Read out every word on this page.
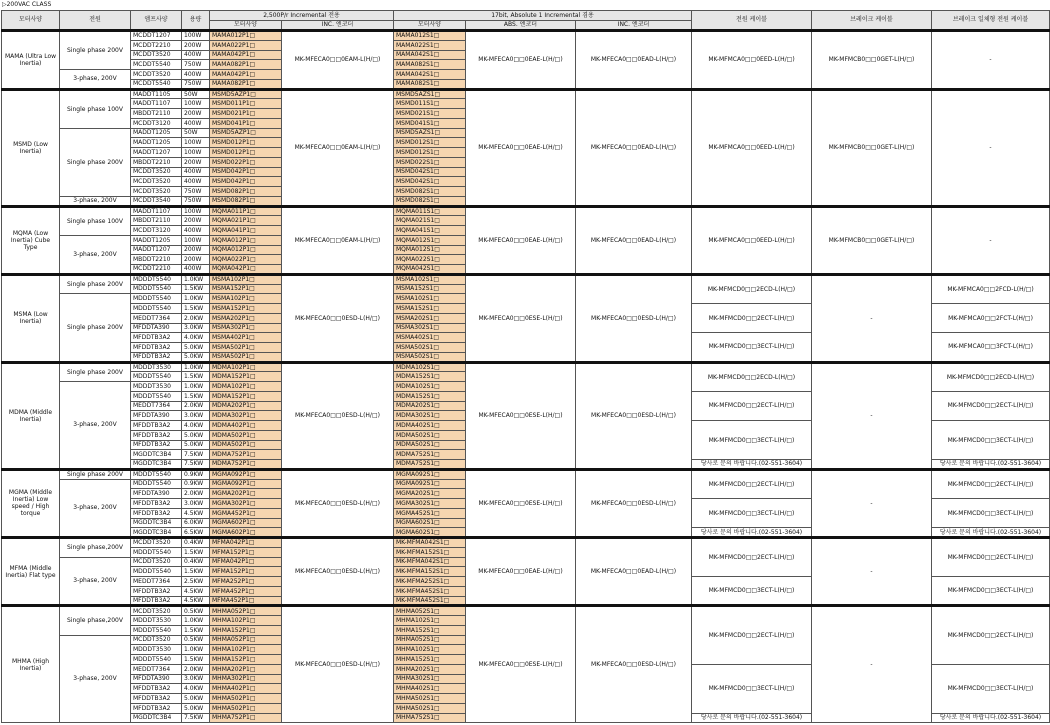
▷200VAC CLASS
모터사양	전원	앰프사양	용량	2,500P/r Incremental 전용		17bit, Absolute 1 Incremental 겸용			전원 케이블	브레이크 케이블	브레이크 일체형 전원 케이블
				모터사양	INC. 엔코더	모터사양	ABS. 엔코더	INC. 엔코더			
MAMA (Ultra Low Inertia)	Single phase 200V	MCDDT1207	100W	MAMA012P1□	MK-MFECA0□□0EAM-L(H/□)	MAMA012S1□	MK-MFECA0□□0EAE-L(H/□)	MK-MFECA0□□0EAD-L(H/□)	MK-MFMCA0□□0EED-L(H/□)	MK-MFMCB0□□0GET-L(H/□)	-
		MCDDT2210	200W	MAMA022P1□		MAMA022S1□					
		MCDDT3520	400W	MAMA042P1□		MAMA042S1□					
		MCDDT5540	750W	MAMA082P1□		MAMA082S1□					
	3-phase, 200V	MCDDT3520	400W	MAMA042P1□		MAMA042S1□					
		MCDDT5540	750W	MAMA082P1□		MAMA082S1□					
MSMD (Low Inertia)	Single phase 100V	MADDT1105	50W	MSMD5AZP1□	MK-MFECA0□□0EAM-L(H/□)	MSMD5AZS1□	MK-MFECA0□□0EAE-L(H/□)	MK-MFECA0□□0EAD-L(H/□)	MK-MFMCA0□□0EED-L(H/□)	MK-MFMCB0□□0GET-L(H/□)	-
		MADDT1107	100W	MSMD011P1□		MSMD011S1□					
		MBDDT2110	200W	MSMD021P1□		MSMD021S1□					
		MCDDT3120	400W	MSMD041P1□		MSMD041S1□					
	Single phase 200V	MADDT1205	50W	MSMD5AZP1□		MSMD5AZS1□					
		MADDT1205	100W	MSMD012P1□		MSMD012S1□					
		MADDT1207	100W	MSMD012P1□		MSMD012S1□					
		MBDDT2210	200W	MSMD022P1□		MSMD022S1□					
		MCDDT3520	400W	MSMD042P1□		MSMD042S1□					
		MCDDT3520	400W	MSMD042P1□		MSMD042S1□					
		MCDDT3520	750W	MSMD082P1□		MSMD082S1□					
	3-phase, 200V	MCDDT3540	750W	MSMD082P1□		MSMD082S1□					
MQMA (Low Inertia) Cube Type	Single phase 100V	MADDT1107	100W	MQMA011P1□	MK-MFECA0□□0EAM-L(H/□)	MQMA011S1□	MK-MFECA0□□0EAE-L(H/□)	MK-MFECA0□□0EAD-L(H/□)	MK-MFMCA0□□0EED-L(H/□)	MK-MFMCB0□□0GET-L(H/□)	-
		MBDDT2110	200W	MQMA021P1□		MQMA021S1□					
		MCDDT3120	400W	MQMA041P1□		MQMA041S1□					
	3-phase, 200V	MADDT1205	100W	MQMA012P1□		MQMA012S1□					
		MADDT1207	200W	MQMA012P1□		MQMA012S1□					
		MBDDT2210	200W	MQMA022P1□		MQMA022S1□					
		MCDDT2210	400W	MQMA042P1□		MQMA042S1□					
MSMA (Low Inertia)	Single phase 200V	MDDDT5540	1.0KW	MSMA102P1□	MK-MFECA0□□0ESD-L(H/□)	MSMA102S1□	MK-MFECA0□□0ESE-L(H/□)	MK-MFECA0□□0ESD-L(H/□)	MK-MFMCD0□□2ECD-L(H/□)	-	MK-MFMCA0□□2FCD-L(H/□)
		MDDDT5540	1.5KW	MSMA152P1□		MSMA152S1□					
	Single phase 200V	MDDDT5540	1.0KW	MSMA102P1□		MSMA102S1□					
		MDDDT5540	1.5KW	MSMA152P1□		MSMA152S1□			MK-MFMCD0□□2ECT-L(H/□)		MK-MFMCA0□□2FCT-L(H/□)
		MEDDT7364	2.0KW	MSMA202P1□		MSMA202S1□					
		MFDDTA390	3.0KW	MSMA302P1□		MSMA302S1□					
		MFDDTB3A2	4.0KW	MSMA402P1□		MSMA402S1□			MK-MFMCD0□□3ECT-L(H/□)		MK-MFMCA0□□3FCT-L(H/□)
		MFDDTB3A2	5.0KW	MSMA502P1□		MSMA502S1□					
		MFDDTB3A2	5.0KW	MSMA502P1□		MSMA502S1□					
MDMA (Middle Inertia)	Single phase 200V	MDDDT3530	1.0KW	MDMA102P1□	MK-MFECA0□□0ESD-L(H/□)	MDMA102S1□	MK-MFECA0□□0ESE-L(H/□)	MK-MFECA0□□0ESD-L(H/□)	MK-MFMCD0□□2ECD-L(H/□)	-	MK-MFMCD0□□2ECD-L(H/□)
		MDDDT5540	1.5KW	MDMA152P1□		MDMA152S1□					
	3-phase, 200V	MDDDT3530	1.0KW	MDMA102P1□		MDMA102S1□					
		MDDDT5540	1.5KW	MDMA152P1□		MDMA152S1□			MK-MFMCD0□□2ECT-L(H/□)		MK-MFMCD0□□2ECT-L(H/□)
		MEDDT7364	2.0KW	MDMA202P1□		MDMA202S1□					
		MFDDTA390	3.0KW	MDMA302P1□		MDMA302S1□					
		MFDDTB3A2	4.0KW	MDMA402P1□		MDMA402S1□			MK-MFMCD0□□3ECT-L(H/□)		MK-MFMCD0□□3ECT-L(H/□)
		MFDDTB3A2	5.0KW	MDMA502P1□		MDMA502S1□					
		MFDDTB3A2	5.0KW	MDMA502P1□		MDMA502S1□					
		MGDDTC3B4	7.5KW	MDMA752P1□		MDMA752S1□					
		MGDDTC3B4	7.5KW	MDMA752P1□		MDMA752S1□			당사로 문의 바랍니다.(02-551-3604)		당사로 문의 바랍니다.(02-551-3604)
MGMA (Middle Inertia) Low speed / High torque	Single phase 200V	MDDDT5540	0.9KW	MGMA092P1□	MK-MFECA0□□0ESD-L(H/□)	MGMA092S1□	MK-MFECA0□□0ESE-L(H/□)	MK-MFECA0□□0ESD-L(H/□)	MK-MFMCD0□□2ECT-L(H/□)	-	MK-MFMCD0□□2ECT-L(H/□)
	3-phase, 200V	MDDDT5540	0.9KW	MGMA092P1□		MGMA092S1□					
		MFDDTA390	2.0KW	MGMA202P1□		MGMA202S1□					
		MFDDTB3A2	3.0KW	MGMA302P1□		MGMA302S1□			MK-MFMCD0□□3ECT-L(H/□)		MK-MFMCD0□□3ECT-L(H/□)
		MFDDTB3A2	4.5KW	MGMA452P1□		MGMA452S1□					
		MGDDTC3B4	6.0KW	MGMA602P1□		MGMA602S1□					
		MGDDTC3B4	6.5KW	MGMA602P1□		MGMA602S1□			당사로 문의 바랍니다.(02-551-3604)		당사로 문의 바랍니다.(02-551-3604)
MFMA (Middle Inertia) Flat type	Single phase,200V	MCDDT3520	0.4KW	MFMA042P1□	MK-MFECA0□□0ESD-L(H/□)	MK-MFMA042S1□	MK-MFECA0□□0EAE-L(H/□)	MK-MFECA0□□0EAD-L(H/□)	MK-MFMCD0□□2ECT-L(H/□)	-	MK-MFMCD0□□2ECT-L(H/□)
		MDDDT5540	1.5KW	MFMA152P1□		MK-MFMA152S1□					
	3-phase, 200V	MCDDT3520	0.4KW	MFMA042P1□		MK-MFMA042S1□					
		MDDDT5540	1.5KW	MFMA152P1□		MK-MFMA152S1□					
		MEDDT7364	2.5KW	MFMA252P1□		MK-MFMA252S1□			MK-MFMCD0□□3ECT-L(H/□)		MK-MFMCD0□□3ECT-L(H/□)
		MFDDTB3A2	4.5KW	MFMA452P1□		MK-MFMA452S1□					
		MFDDTB3A2	4.5KW	MFMA452P1□		MK-MFMA452S1□					
MHMA (High Inertia)	Single phase,200V	MCDDT3520	0.5KW	MHMA052P1□	MK-MFECA0□□0ESD-L(H/□)	MHMA052S1□	MK-MFECA0□□0ESE-L(H/□)	MK-MFECA0□□0ESD-L(H/□)	MK-MFMCD0□□2ECT-L(H/□)	-	MK-MFMCD0□□2ECT-L(H/□)
		MDDDT3530	1.0KW	MHMA102P1□		MHMA102S1□					
		MDDDT5540	1.5KW	MHMA152P1□		MHMA152S1□					
	3-phase, 200V	MCDDT3520	0.5KW	MHMA052P1□		MHMA052S1□					
		MDDDT3530	1.0KW	MHMA102P1□		MHMA102S1□					
		MDDDT5540	1.5KW	MHMA152P1□		MHMA152S1□					
		MEDDT7364	2.0KW	MHMA202P1□		MHMA202S1□			MK-MFMCD0□□3ECT-L(H/□)		MK-MFMCD0□□3ECT-L(H/□)
		MFDDTA390	3.0KW	MHMA302P1□		MHMA302S1□					
		MFDDTB3A2	4.0KW	MHMA402P1□		MHMA402S1□					
		MFDDTB3A2	5.0KW	MHMA502P1□		MHMA502S1□					
		MFDDTB3A2	5.0KW	MHMA502P1□		MHMA502S1□					
		MGDDTC3B4	7.5KW	MHMA752P1□		MHMA752S1□			당사로 문의 바랍니다.(02-551-3604)		당사로 문의 바랍니다.(02-551-3604)
